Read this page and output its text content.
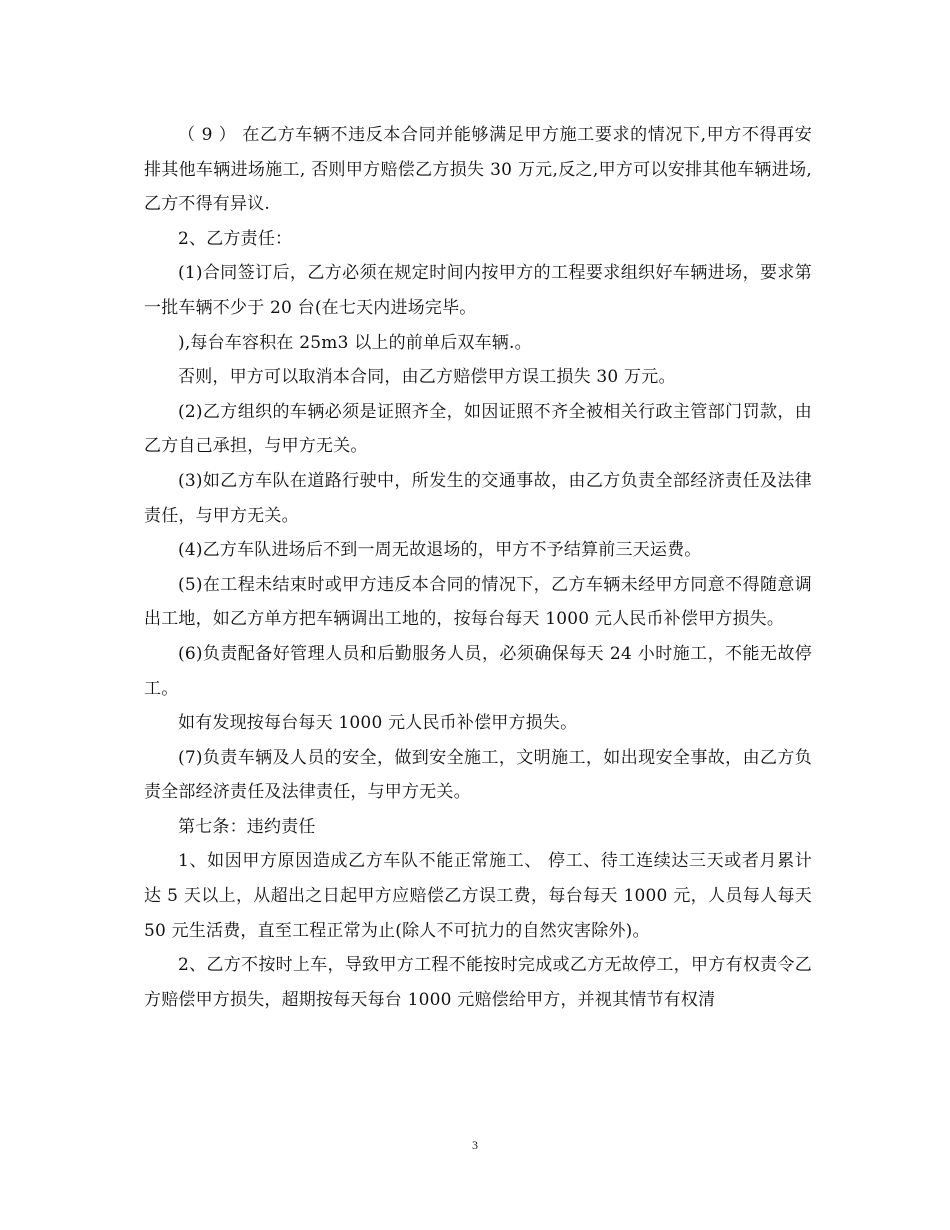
（ 9 ） 在乙方车辆不违反本合同并能够满足甲方施工要求的情况下,甲方不得再安排其他车辆进场施工, 否则甲方赔偿乙方损失 30 万元,反之,甲方可以安排其他车辆进场,乙方不得有异议.

2、乙方责任：

(1)合同签订后，乙方必须在规定时间内按甲方的工程要求组织好车辆进场，要求第一批车辆不少于 20 台(在七天内进场完毕。

),每台车容积在 25m3 以上的前单后双车辆.。

否则，甲方可以取消本合同，由乙方赔偿甲方误工损失 30 万元。

(2)乙方组织的车辆必须是证照齐全，如因证照不齐全被相关行政主管部门罚款，由乙方自己承担，与甲方无关。

(3)如乙方车队在道路行驶中，所发生的交通事故，由乙方负责全部经济责任及法律责任，与甲方无关。

(4)乙方车队进场后不到一周无故退场的，甲方不予结算前三天运费。

(5)在工程未结束时或甲方违反本合同的情况下，乙方车辆未经甲方同意不得随意调出工地，如乙方单方把车辆调出工地的，按每台每天 1000 元人民币补偿甲方损失。

(6)负责配备好管理人员和后勤服务人员，必须确保每天 24 小时施工，不能无故停工。

如有发现按每台每天 1000 元人民币补偿甲方损失。

(7)负责车辆及人员的安全，做到安全施工，文明施工，如出现安全事故，由乙方负责全部经济责任及法律责任，与甲方无关。

第七条：违约责任

1、如因甲方原因造成乙方车队不能正常施工、 停工、待工连续达三天或者月累计达 5 天以上，从超出之日起甲方应赔偿乙方误工费，每台每天 1000 元，人员每人每天 50 元生活费，直至工程正常为止(除人不可抗力的自然灾害除外)。

2、乙方不按时上车，导致甲方工程不能按时完成或乙方无故停工，甲方有权责令乙方赔偿甲方损失，超期按每天每台 1000 元赔偿给甲方，并视其情节有权清

3
